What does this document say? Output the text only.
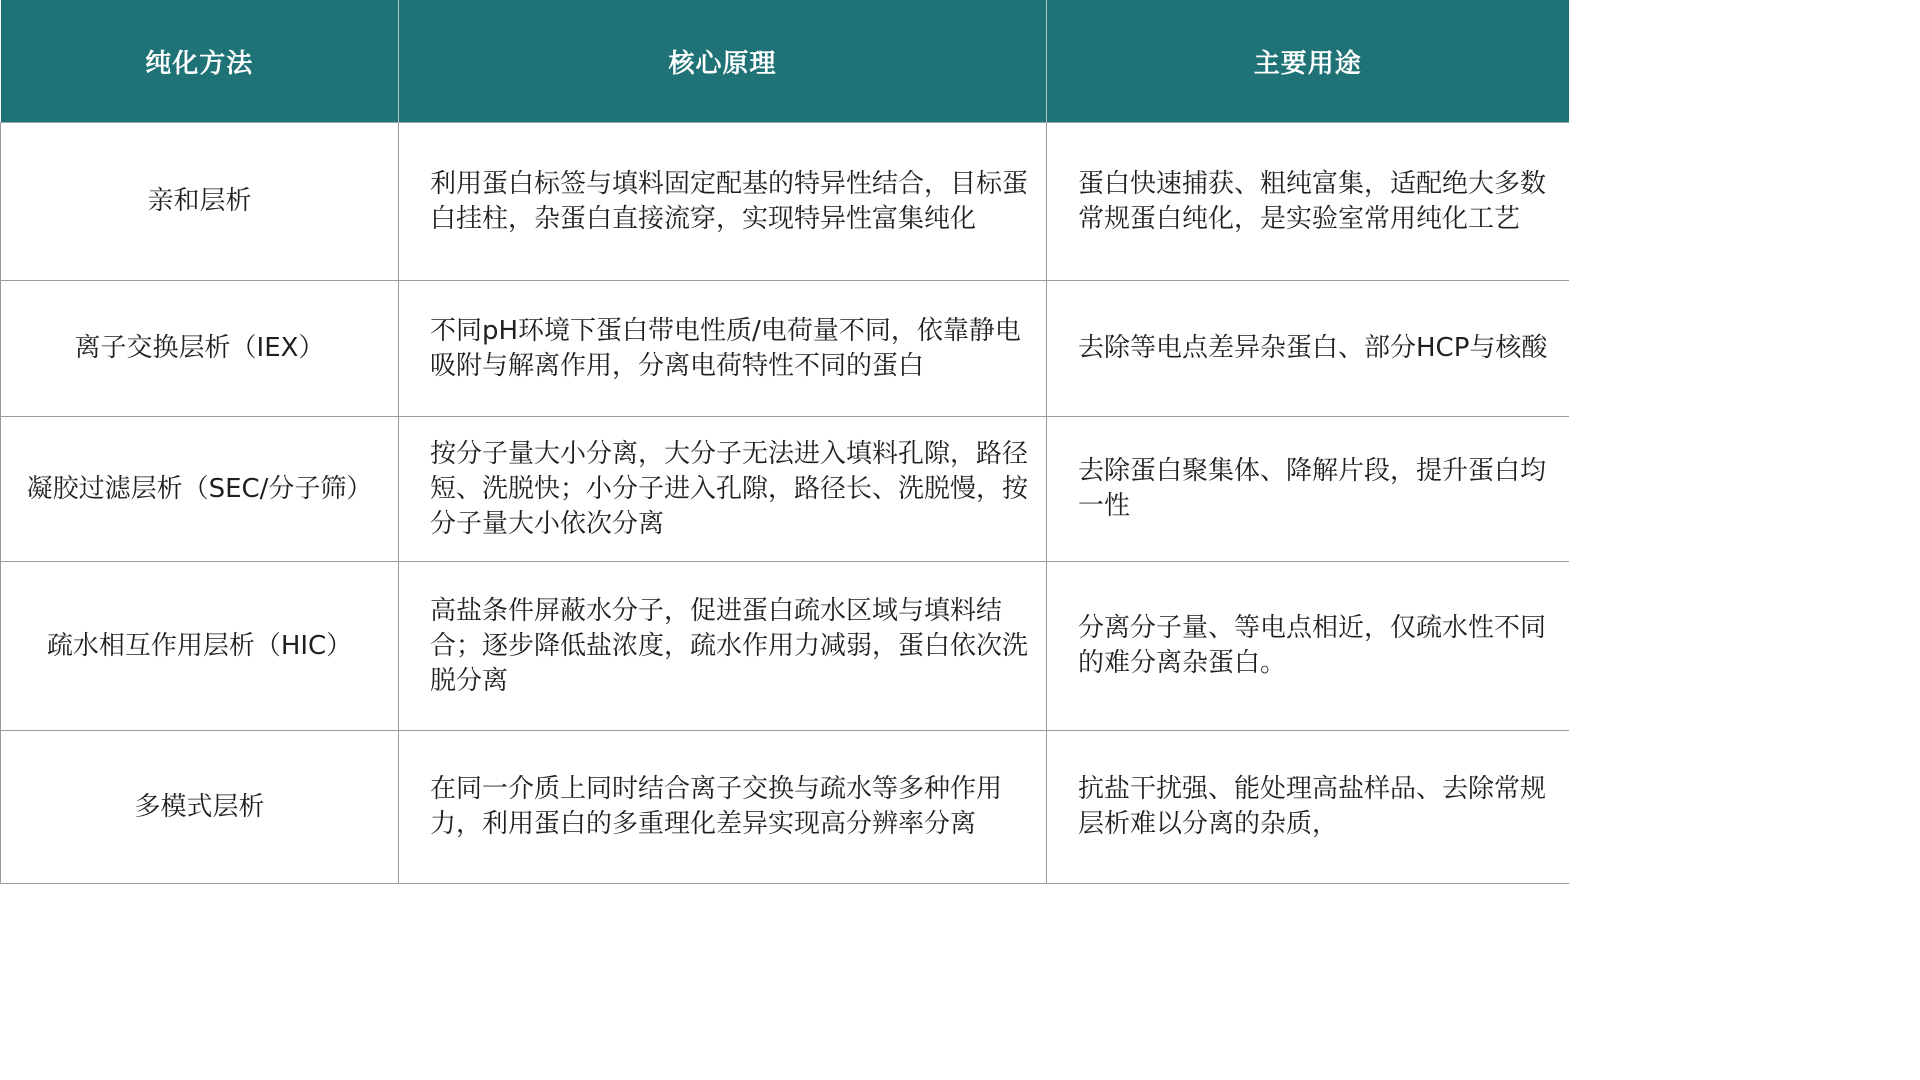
纯化方法	核心原理	主要用途
亲和层析	利用蛋白标签与填料固定配基的特异性结合，目标蛋白挂柱，杂蛋白直接流穿，实现特异性富集纯化	蛋白快速捕获、粗纯富集，适配绝大多数常规蛋白纯化，是实验室常用纯化工艺
离子交换层析（IEX）	不同pH环境下蛋白带电性质/电荷量不同，依靠静电吸附与解离作用，分离电荷特性不同的蛋白	去除等电点差异杂蛋白、部分HCP与核酸
凝胶过滤层析（SEC/分子筛）	按分子量大小分离，大分子无法进入填料孔隙，路径短、洗脱快；小分子进入孔隙，路径长、洗脱慢，按分子量大小依次分离	去除蛋白聚集体、降解片段，提升蛋白均一性
疏水相互作用层析（HIC）	高盐条件屏蔽水分子，促进蛋白疏水区域与填料结合；逐步降低盐浓度，疏水作用力减弱，蛋白依次洗脱分离	分离分子量、等电点相近，仅疏水性不同的难分离杂蛋白。
多模式层析	在同一介质上同时结合离子交换与疏水等多种作用力，利用蛋白的多重理化差异实现高分辨率分离	抗盐干扰强、能处理高盐样品、去除常规层析难以分离的杂质，
